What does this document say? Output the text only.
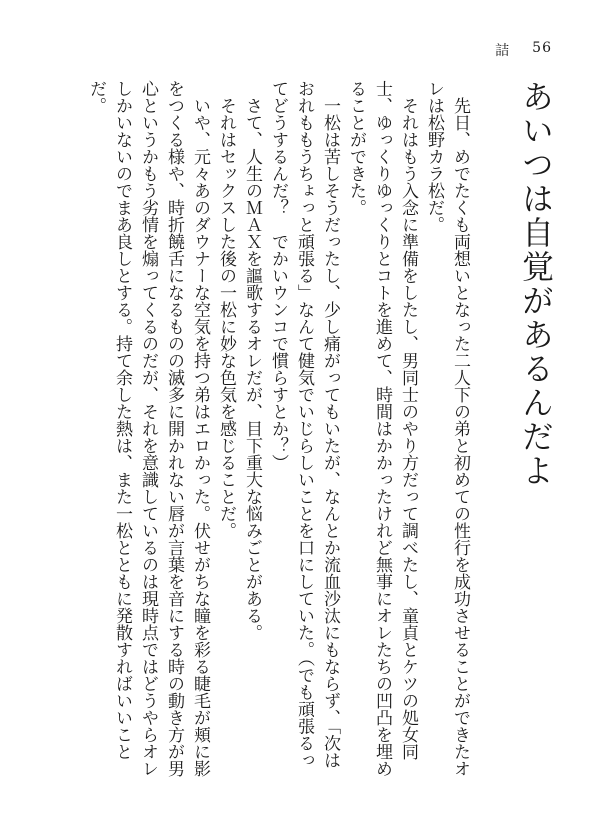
詰 56
あいつは自覚があるんだよ

先日、めでたくも両想いとなった二人下の弟と初めての性行を成功させることができたオレは松野カラ松だ。

それはもう入念に準備をしたし、男同士のやり方だって調べたし、童貞とケツの処女同士、ゆっくりゆっくりとコトを進めて、時間はかかったけれど無事にオレたちの凹凸を埋めることができた。

一松は苦しそうだったし、少し痛がってもいたが、なんとか流血沙汰にもならず、「次はおれももうちょっと頑張る」なんて健気でいじらしいことを口にしていた。（でも頑張るってどうするんだ？　でかいウンコで慣らすとか？）

さて、人生のＭＡＸを謳歌するオレだが、目下重大な悩みごとがある。

それはセックスした後の一松に妙な色気を感じることだ。

いや、元々あのダウナーな空気を持つ弟はエロかった。伏せがちな瞳を彩る睫毛が頬に影をつくる様や、時折饒舌になるものの滅多に開かれない唇が言葉を音にする時の動き方が男心というかもう劣情を煽ってくるのだが、それを意識しているのは現時点ではどうやらオレしかいないのでまあ良しとする。持て余した熱は、また一松とともに発散すればいいことだ。
